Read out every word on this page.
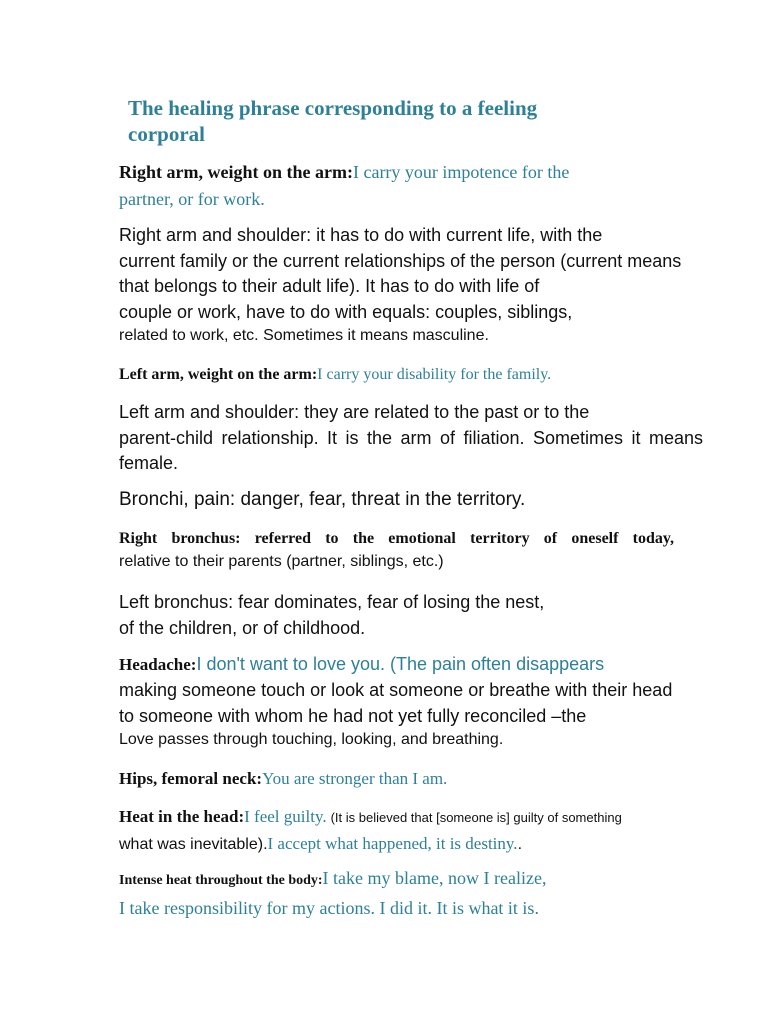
The healing phrase corresponding to a feeling
corporal
Right arm, weight on the arm:I carry your impotence for the
partner, or for work.
Right arm and shoulder: it has to do with current life, with the
current family or the current relationships of the person (current means
that belongs to their adult life). It has to do with life of
couple or work, have to do with equals: couples, siblings,
related to work, etc. Sometimes it means masculine.
Left arm, weight on the arm:I carry your disability for the family.
Left arm and shoulder: they are related to the past or to the
parent-child relationship. It is the arm of filiation. Sometimes it means
female.
Bronchi, pain: danger, fear, threat in the territory.
Right bronchus: referred to the emotional territory of oneself today,
relative to their parents (partner, siblings, etc.)
Left bronchus: fear dominates, fear of losing the nest,
of the children, or of childhood.
Headache:I don't want to love you. (The pain often disappears
making someone touch or look at someone or breathe with their head
to someone with whom he had not yet fully reconciled –the
Love passes through touching, looking, and breathing.
Hips, femoral neck:You are stronger than I am.
Heat in the head:I feel guilty. (It is believed that [someone is] guilty of something
what was inevitable).I accept what happened, it is destiny..
Intense heat throughout the body:I take my blame, now I realize,
I take responsibility for my actions. I did it. It is what it is.
